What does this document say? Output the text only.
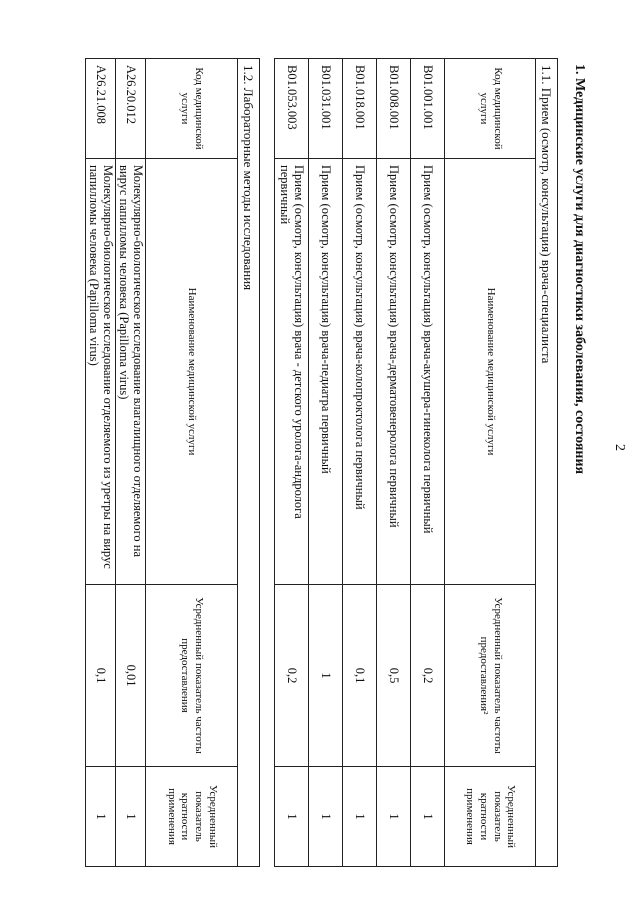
2
1. Медицинские услуги для диагностики заболевания, состояния
1.1. Прием (осмотр, консультация) врача-специалиста			
Код медицинской услуги	Наименование медицинской услуги	Усредненный показатель частоты предоставления²	Усредненный показатель кратности применения
B01.001.001	Прием (осмотр, консультация) врача-акушера-гинеколога первичный	0,2	1
B01.008.001	Прием (осмотр, консультация) врача-дерматовенеролога первичный	0,5	1
B01.018.001	Прием (осмотр, консультация) врача-колопроктолога первичный	0,1	1
B01.031.001	Прием (осмотр, консультация) врача-педиатра первичный	1	1
B01.053.003	Прием (осмотр, консультация) врача - детского уролога-андролога первичный	0,2	1
1.2. Лабораторные методы исследования			
Код медицинской услуги	Наименование медицинской услуги	Усредненный показатель частоты предоставления	Усредненный показатель кратности применения
A26.20.012	Молекулярно-биологическое исследование влагалищного отделяемого на вирус папилломы человека (Papilloma virus)	0,01	1
A26.21.008	Молекулярно-биологическое исследование отделяемого из уретры на вирус папилломы человека (Papilloma virus)	0,1	1
